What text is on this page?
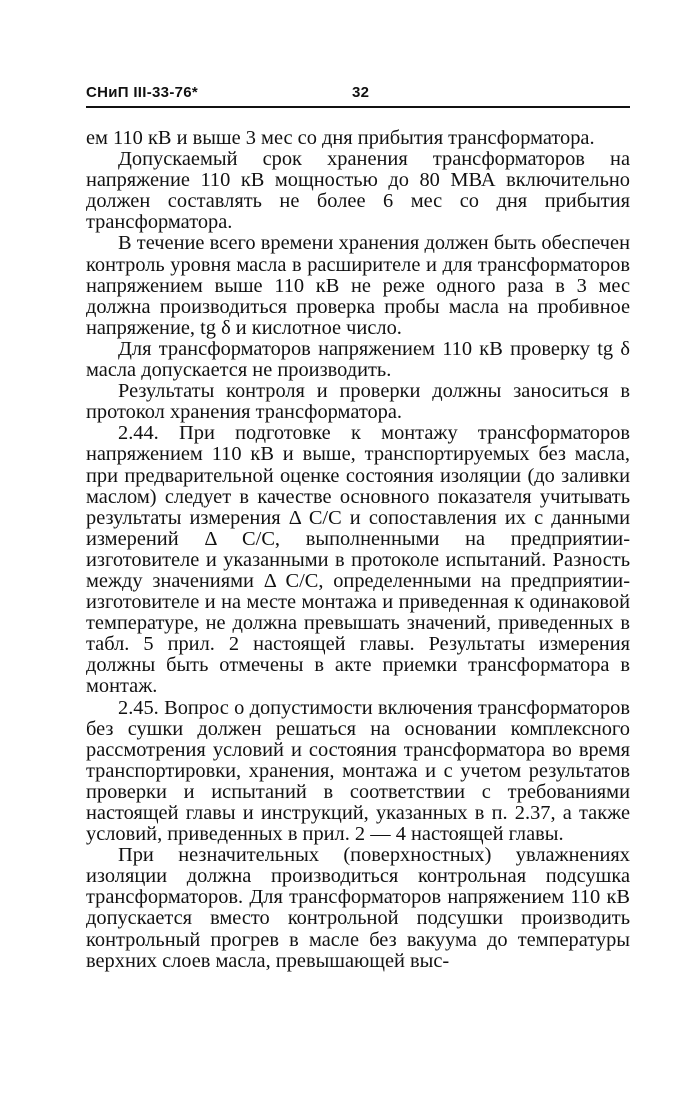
СНиП III-33-76*	32

ем 110 кВ и выше 3 мес со дня прибытия трансформатора.

Допускаемый срок хранения трансформаторов на напряжение 110 кВ мощностью до 80 МВА включительно должен составлять не более 6 мес со дня прибытия трансформатора.

В течение всего времени хранения должен быть обеспечен контроль уровня масла в расширителе и для трансформаторов напряжением выше 110 кВ не реже одного раза в 3 мес должна производиться проверка пробы масла на пробивное напряжение, tg δ и кислотное число.

Для трансформаторов напряжением 110 кВ проверку tg δ масла допускается не производить.

Результаты контроля и проверки должны заноситься в протокол хранения трансформатора.

2.44. При подготовке к монтажу трансформаторов напряжением 110 кВ и выше, транспортируемых без масла, при предварительной оценке состояния изоляции (до заливки маслом) следует в качестве основного показателя учитывать результаты измерения Δ C/C и сопоставления их с данными измерений Δ C/C, выполненными на предприятии-изготовителе и указанными в протоколе испытаний. Разность между значениями Δ C/C, определенными на предприятии-изготовителе и на месте монтажа и приведенная к одинаковой температуре, не должна превышать значений, приведенных в табл. 5 прил. 2 настоящей главы. Результаты измерения должны быть отмечены в акте приемки трансформатора в монтаж.

2.45. Вопрос о допустимости включения трансформаторов без сушки должен решаться на основании комплексного рассмотрения условий и состояния трансформатора во время транспортировки, хранения, монтажа и с учетом результатов проверки и испытаний в соответствии с требованиями настоящей главы и инструкций, указанных в п. 2.37, а также условий, приведенных в прил. 2 — 4 настоящей главы.

При незначительных (поверхностных) увлажнениях изоляции должна производиться контрольная подсушка трансформаторов. Для трансформаторов напряжением 110 кВ допускается вместо контрольной подсушки производить контрольный прогрев в масле без вакуума до температуры верхних слоев масла, превышающей выс-
